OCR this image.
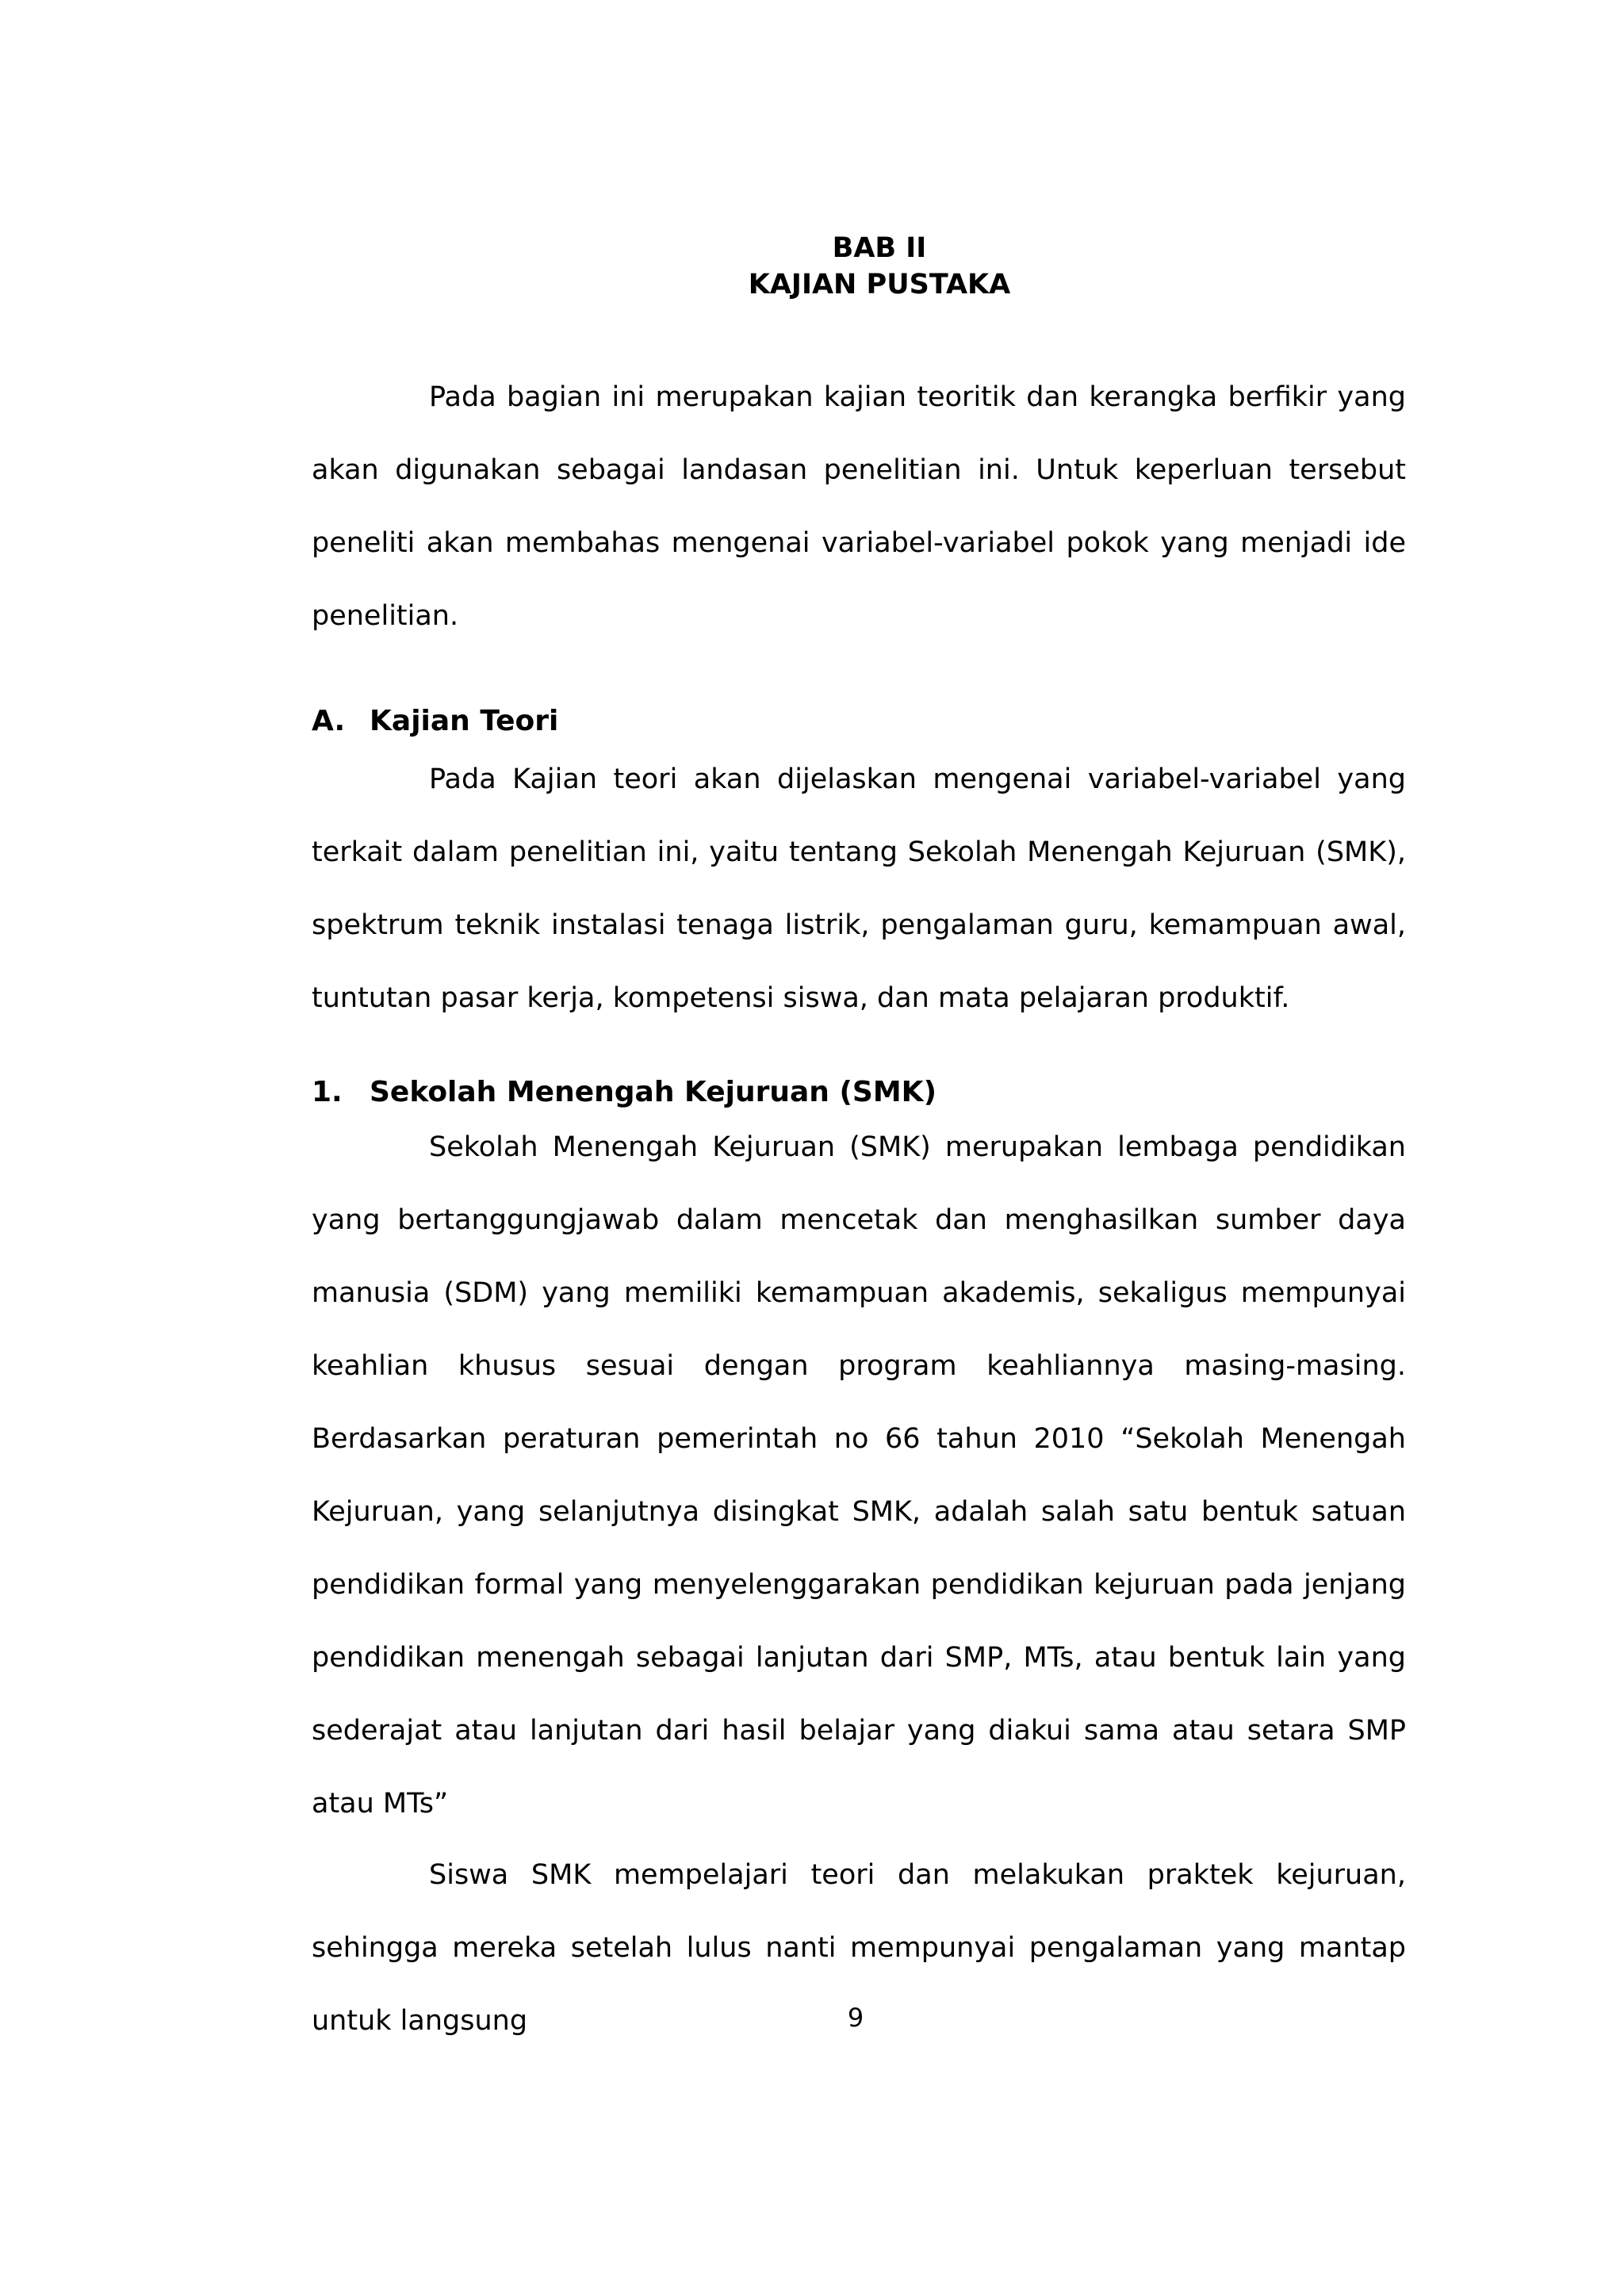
BAB II
KAJIAN PUSTAKA

Pada bagian ini merupakan kajian teoritik dan kerangka berfikir yang akan digunakan sebagai landasan penelitian ini. Untuk keperluan tersebut peneliti akan membahas mengenai variabel-variabel pokok yang menjadi ide penelitian.

A. Kajian Teori

Pada Kajian teori akan dijelaskan mengenai variabel-variabel yang terkait dalam penelitian ini, yaitu tentang Sekolah Menengah Kejuruan (SMK), spektrum teknik instalasi tenaga listrik, pengalaman guru, kemampuan awal, tuntutan pasar kerja, kompetensi siswa, dan mata pelajaran produktif.

1. Sekolah Menengah Kejuruan (SMK)

Sekolah Menengah Kejuruan (SMK) merupakan lembaga pendidikan yang bertanggungjawab dalam mencetak dan menghasilkan sumber daya manusia (SDM) yang memiliki kemampuan akademis, sekaligus mempunyai keahlian khusus sesuai dengan program keahliannya masing-masing. Berdasarkan peraturan pemerintah no 66 tahun 2010 “Sekolah Menengah Kejuruan, yang selanjutnya disingkat SMK, adalah salah satu bentuk satuan pendidikan formal yang menyelenggarakan pendidikan kejuruan pada jenjang pendidikan menengah sebagai lanjutan dari SMP, MTs, atau bentuk lain yang sederajat atau lanjutan dari hasil belajar yang diakui sama atau setara SMP atau MTs”

Siswa SMK mempelajari teori dan melakukan praktek kejuruan, sehingga mereka setelah lulus nanti mempunyai pengalaman yang mantap untuk langsung	9
